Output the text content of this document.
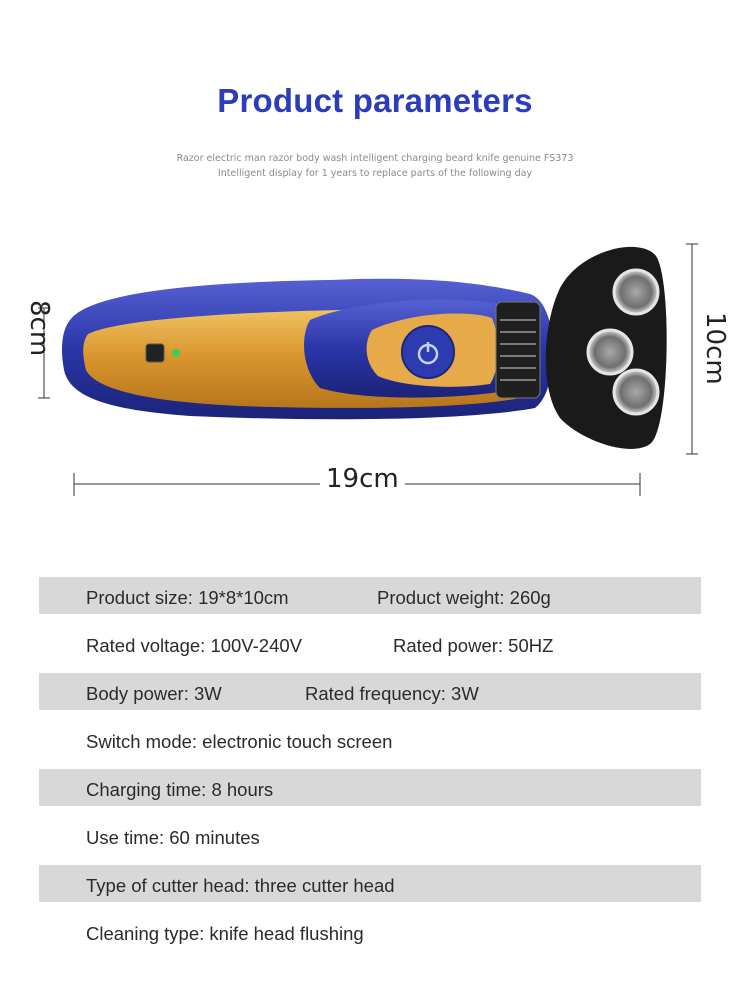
Product parameters
Razor electric man razor body wash intelligent charging beard knife genuine FS373
Intelligent display for 1 years to replace parts of the following day
8cm	10cm
19cm
Product size: 19*8*10cm	Product weight: 260g
Rated voltage: 100V-240V	Rated power: 50HZ
Body power: 3W	Rated frequency: 3W
Switch mode: electronic touch screen
Charging time: 8 hours
Use time: 60 minutes
Type of cutter head: three cutter head
Cleaning type: knife head flushing
